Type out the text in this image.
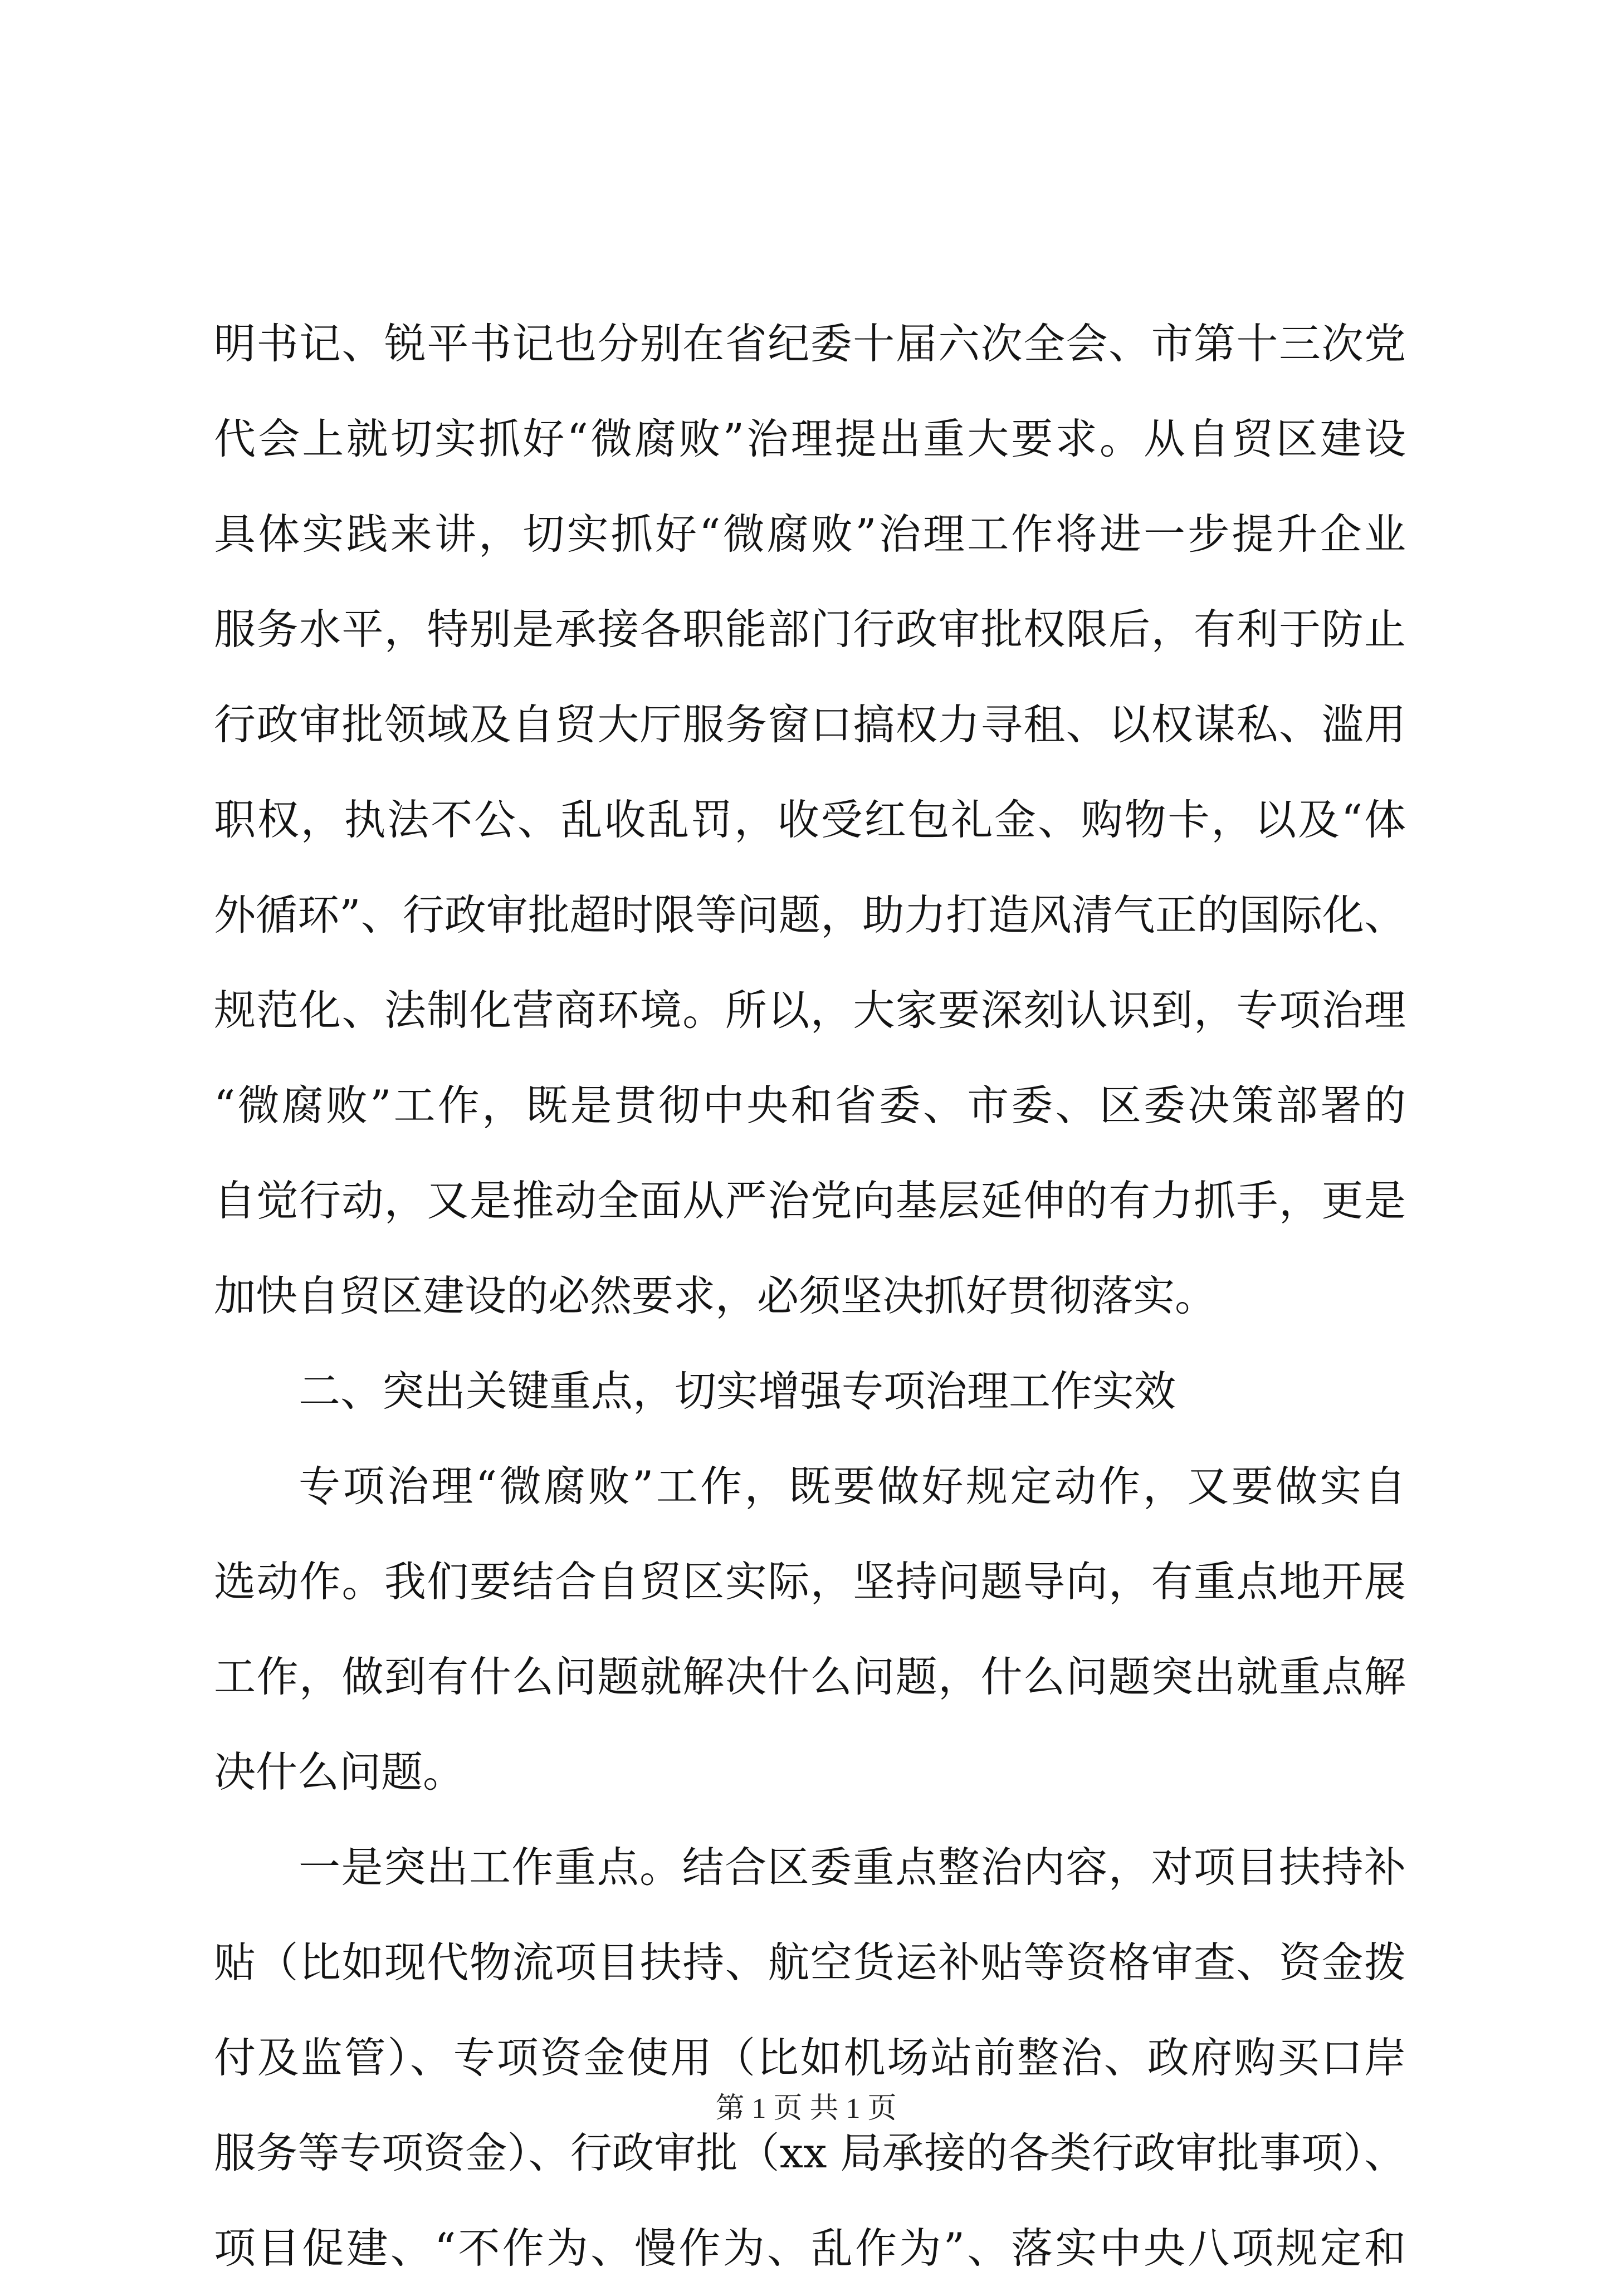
明书记、锐平书记也分别在省纪委十届六次全会、市第十三次党
代会上就切实抓好“微腐败”治理提出重大要求。从自贸区建设
具体实践来讲，切实抓好“微腐败”治理工作将进一步提升企业
服务水平，特别是承接各职能部门行政审批权限后，有利于防止
行政审批领域及自贸大厅服务窗口搞权力寻租、以权谋私、滥用
职权，执法不公、乱收乱罚，收受红包礼金、购物卡，以及“体
外循环”、行政审批超时限等问题，助力打造风清气正的国际化、
规范化、法制化营商环境。所以，大家要深刻认识到，专项治理
“微腐败”工作，既是贯彻中央和省委、市委、区委决策部署的
自觉行动，又是推动全面从严治党向基层延伸的有力抓手，更是
加快自贸区建设的必然要求，必须坚决抓好贯彻落实。
二、突出关键重点，切实增强专项治理工作实效
专项治理“微腐败”工作，既要做好规定动作，又要做实自
选动作。我们要结合自贸区实际，坚持问题导向，有重点地开展
工作，做到有什么问题就解决什么问题，什么问题突出就重点解
决什么问题。
一是突出工作重点。结合区委重点整治内容，对项目扶持补
贴（比如现代物流项目扶持、航空货运补贴等资格审查、资金拨
付及监管）、专项资金使用（比如机场站前整治、政府购买口岸
服务等专项资金）、行政审批（xx 局承接的各类行政审批事项）、
项目促建、“不作为、慢作为、乱作为”、落实中央八项规定和
第 1 页 共 1 页
